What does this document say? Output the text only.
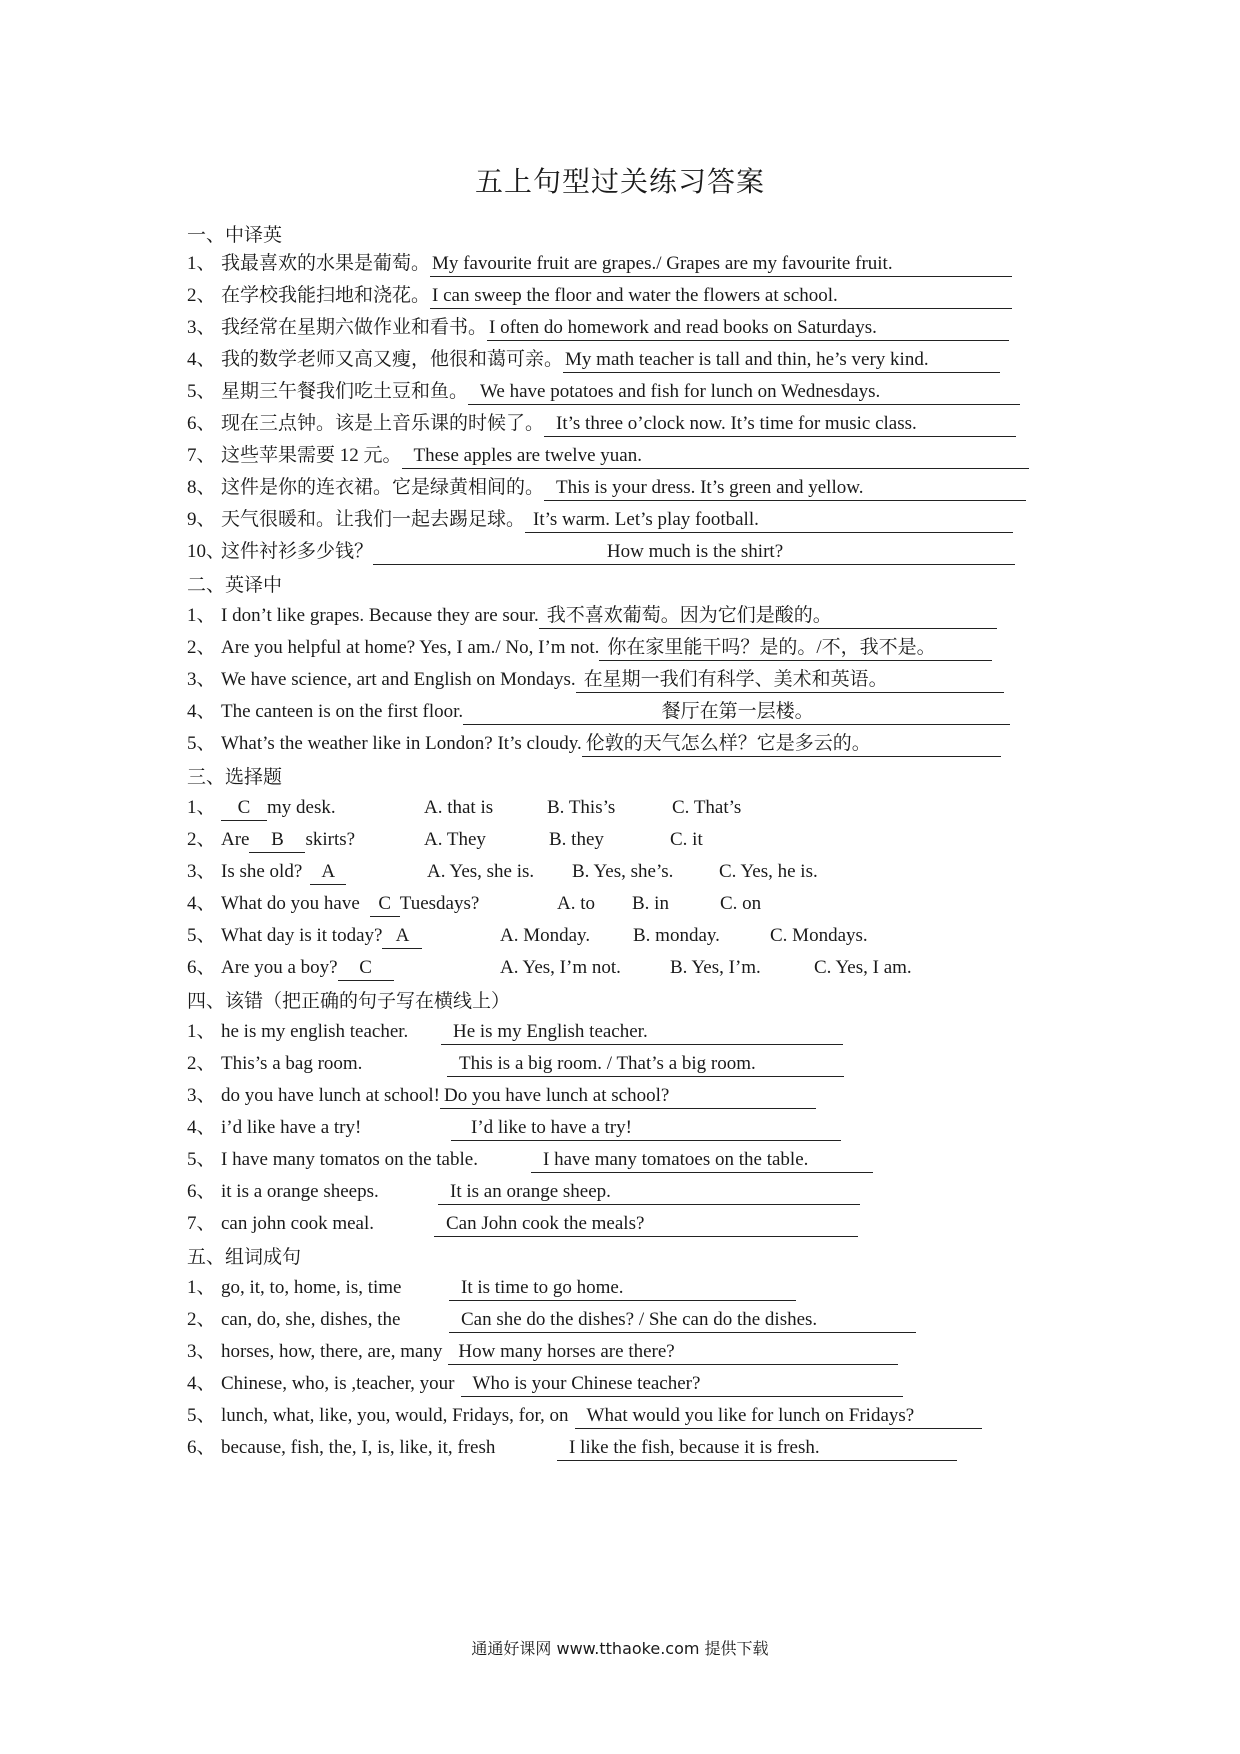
五上句型过关练习答案
一、中译英
1、 我最喜欢的水果是葡萄。 My favourite fruit are grapes./ Grapes are my favourite fruit.
2、 在学校我能扫地和浇花。 I can sweep the floor and water the flowers at school.
3、 我经常在星期六做作业和看书。 I often do homework and read books on Saturdays.
4、 我的数学老师又高又瘦，他很和蔼可亲。 My math teacher is tall and thin, he’s very kind.
5、 星期三午餐我们吃土豆和鱼。 We have potatoes and fish for lunch on Wednesdays.
6、 现在三点钟。该是上音乐课的时候了。 It’s three o’clock now. It’s time for music class.
7、 这些苹果需要 12 元。 These apples are twelve yuan.
8、 这件是你的连衣裙。它是绿黄相间的。 This is your dress. It’s green and yellow.
9、 天气很暖和。让我们一起去踢足球。 It’s warm. Let’s play football.
10、
这件衬衫多少钱？	How much is the shirt?
二、英译中
1、 I don’t like grapes. Because they are sour. 我不喜欢葡萄。因为它们是酸的。
2、 Are you helpful at home? Yes, I am./ No, I’m not. 你在家里能干吗？是的。/不，我不是。
3、 We have science, art and English on Mondays. 在星期一我们有科学、美术和英语。
4、 The canteen is on the first floor.	餐厅在第一层楼。
5、 What’s the weather like in London? It’s cloudy. 伦敦的天气怎么样？它是多云的。
三、选择题
1、	C my desk.	A. that is	B. This’s	C. That’s
2、 Are	B	skirts?	A. They	B. they	C. it
3、 Is she old?	A	A. Yes, she is. B. Yes, she’s. C. Yes, he is.
4、 What do you have C Tuesdays?	A. to B. in	C. on
5、 What day is it today? A	A. Monday. B. monday.	C. Mondays.
6、 Are you a boy?	C	A. Yes, I’m not.	B. Yes, I’m.	C. Yes, I am.
四、该错（把正确的句子写在横线上）
1、 he is my english teacher.	He is my English teacher.
2、 This’s a bag room.	This is a big room. / That’s a big room.
3、 do you have lunch at school! Do you have lunch at school?
4、 i’d like have a try!	I’d like to have a try!
5、 I have many tomatos on the table.	I have many tomatoes on the table.
6、 it is a orange sheeps.	It is an orange sheep.
7、 can john cook meal.	Can John cook the meals?
五、组词成句
1、 go, it, to, home, is, time	It is time to go home.
2、 can, do, she, dishes, the	Can she do the dishes? / She can do the dishes.
3、 horses, how, there, are, many How many horses are there?
4、 Chinese, who, is ,teacher, your Who is your Chinese teacher?
5、 lunch, what, like, you, would, Fridays, for, on What would you like for lunch on Fridays?
6、 because, fish, the, I, is, like, it, fresh	I like the fish, because it is fresh.
通通好课网 www.tthaoke.com 提供下载
